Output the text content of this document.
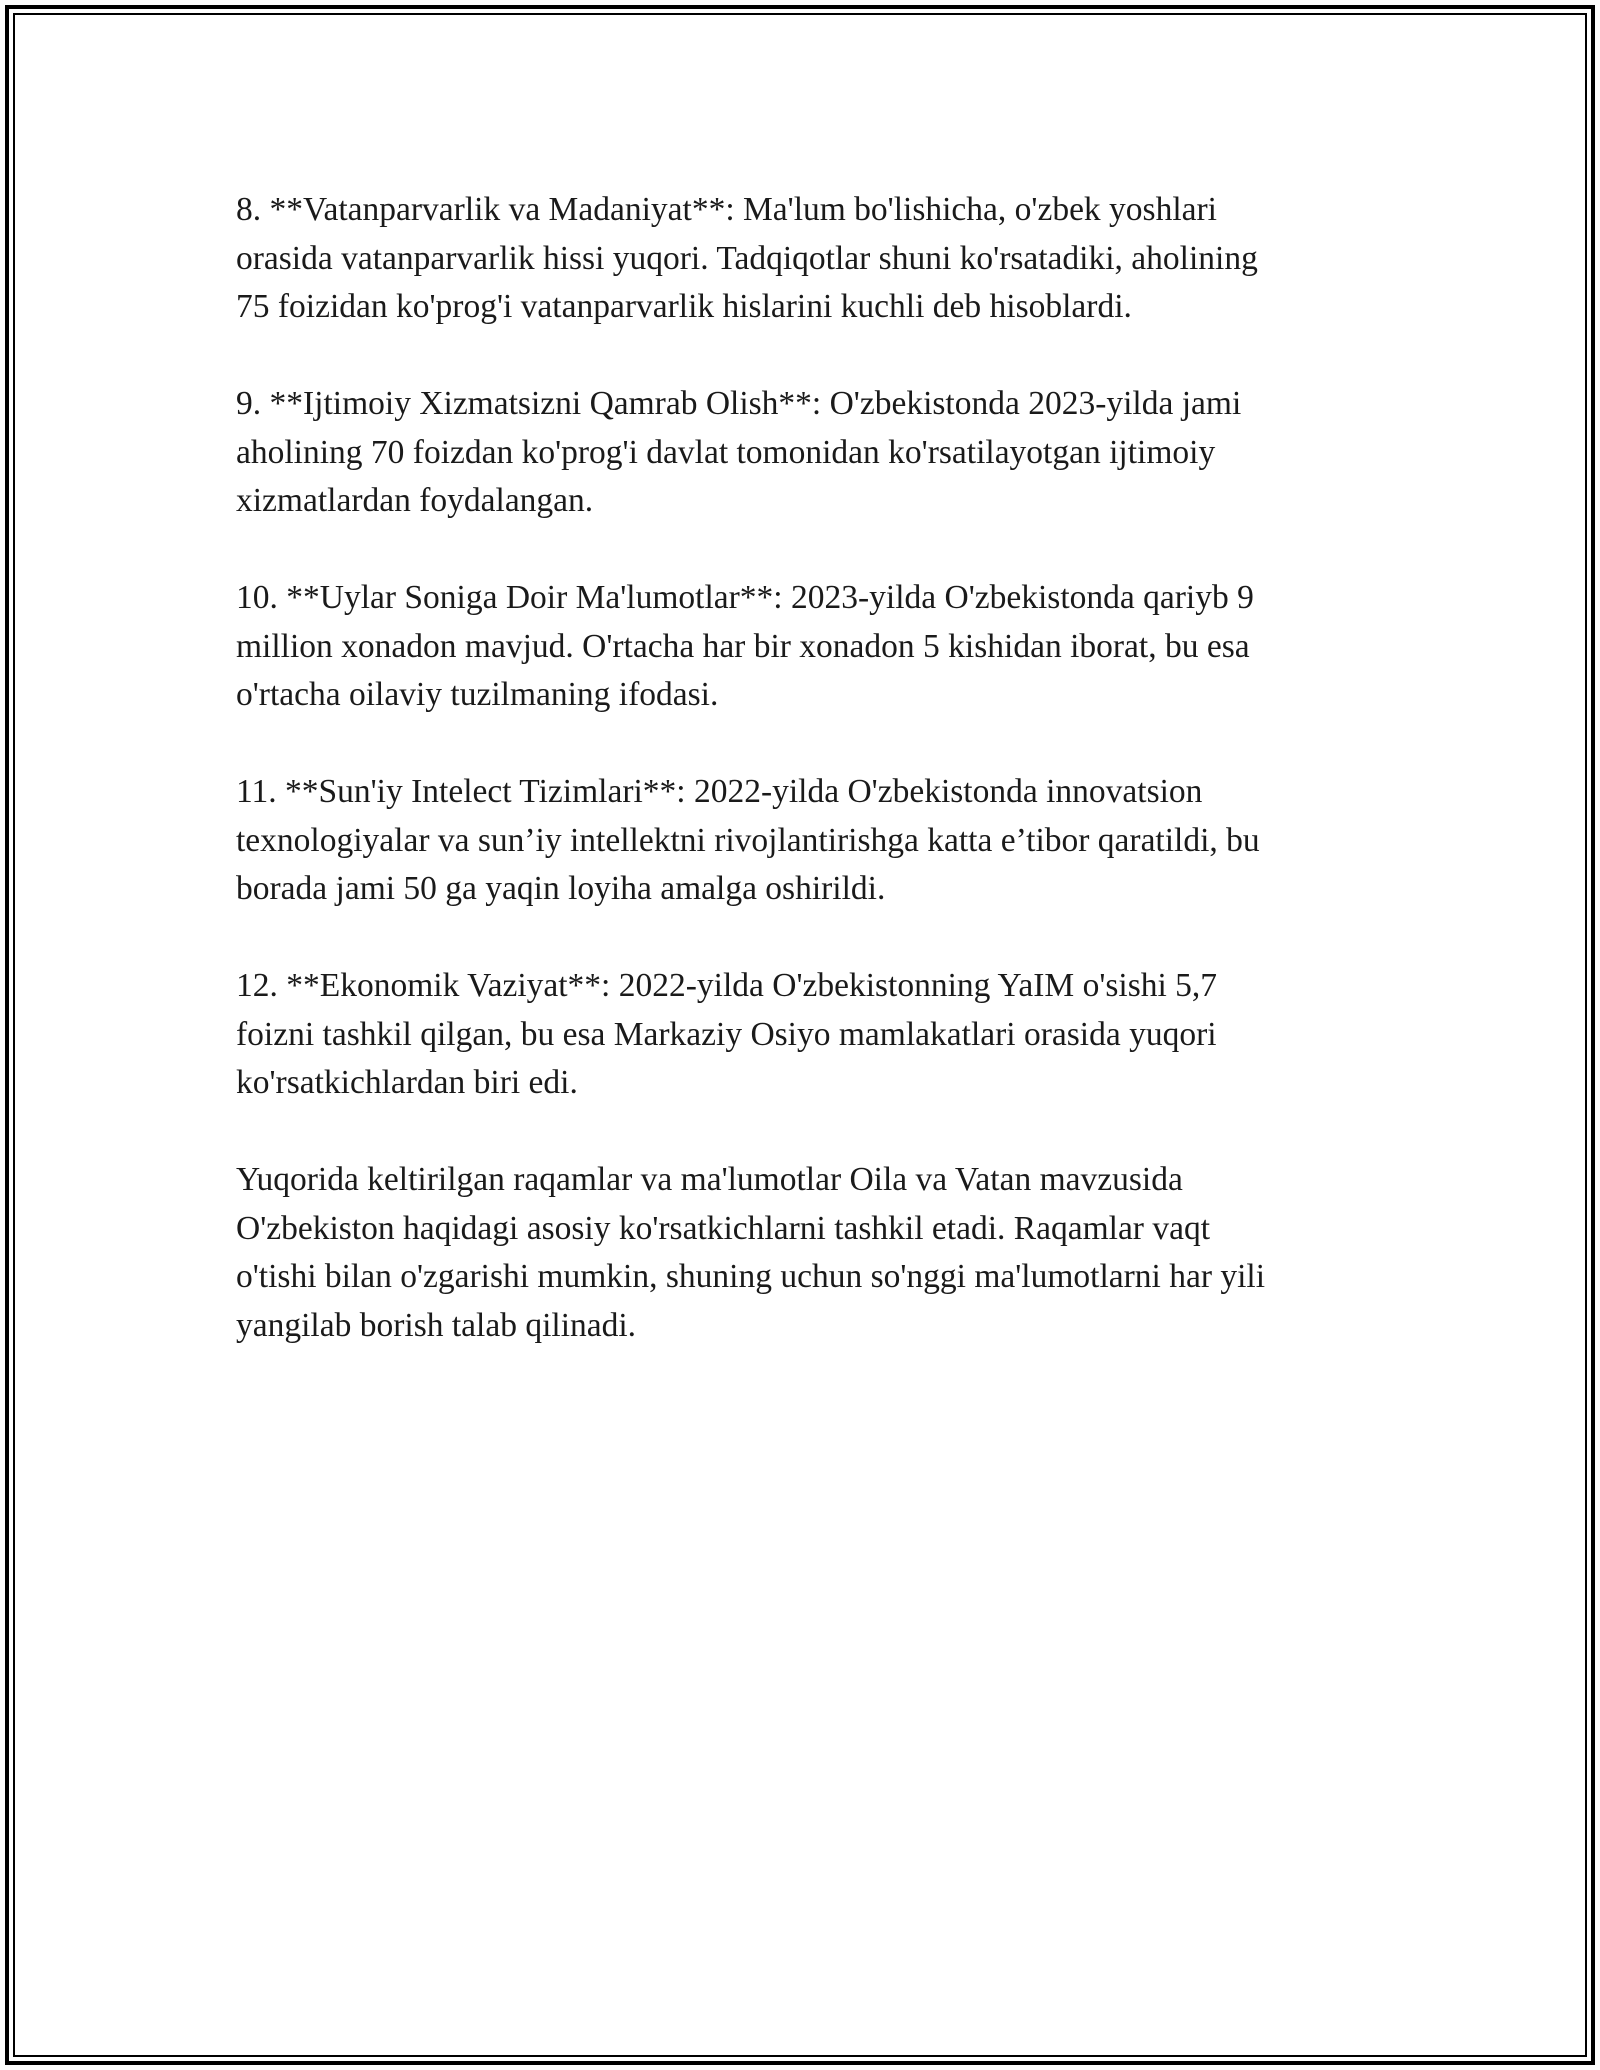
8. **Vatanparvarlik va Madaniyat**: Ma'lum bo'lishicha, o'zbek yoshlari
orasida vatanparvarlik hissi yuqori. Tadqiqotlar shuni ko'rsatadiki, aholining
75 foizidan ko'prog'i vatanparvarlik hislarini kuchli deb hisoblardi.

9. **Ijtimoiy Xizmatsizni Qamrab Olish**: O'zbekistonda 2023-yilda jami
aholining 70 foizdan ko'prog'i davlat tomonidan ko'rsatilayotgan ijtimoiy
xizmatlardan foydalangan.

10. **Uylar Soniga Doir Ma'lumotlar**: 2023-yilda O'zbekistonda qariyb 9
million xonadon mavjud. O'rtacha har bir xonadon 5 kishidan iborat, bu esa
o'rtacha oilaviy tuzilmaning ifodasi.

11. **Sun'iy Intelect Tizimlari**: 2022-yilda O'zbekistonda innovatsion
texnologiyalar va sun’iy intellektni rivojlantirishga katta e’tibor qaratildi, bu
borada jami 50 ga yaqin loyiha amalga oshirildi.

12. **Ekonomik Vaziyat**: 2022-yilda O'zbekistonning YaIM o'sishi 5,7
foizni tashkil qilgan, bu esa Markaziy Osiyo mamlakatlari orasida yuqori
ko'rsatkichlardan biri edi.

Yuqorida keltirilgan raqamlar va ma'lumotlar Oila va Vatan mavzusida
O'zbekiston haqidagi asosiy ko'rsatkichlarni tashkil etadi. Raqamlar vaqt
o'tishi bilan o'zgarishi mumkin, shuning uchun so'nggi ma'lumotlarni har yili
yangilab borish talab qilinadi.
